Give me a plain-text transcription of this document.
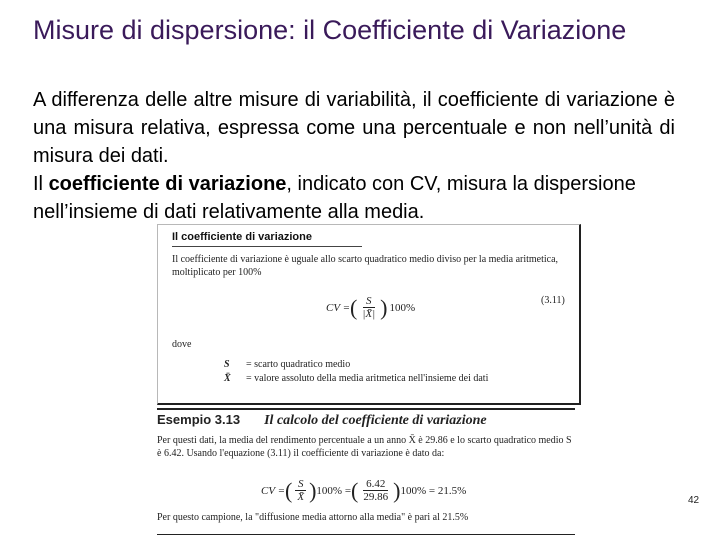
Misure di dispersione: il Coefficiente di Variazione

A differenza delle altre misure di variabilità, il coefficiente di variazione è una misura relativa, espressa come una percentuale e non nell’unità di misura dei dati.

Il coefficiente di variazione, indicato con CV, misura la dispersione nell’insieme di dati relativamente alla media.

Il coefficiente di variazione
Il coefficiente di variazione è uguale allo scarto quadratico medio diviso per la media aritmetica, moltiplicato per 100%
CV = ( $\frac{S}{|X̄|}$ ) 100%
(3.11)
dove
S = scarto quadratico medio
X̄ = valore assoluto della media aritmetica nell'insieme dei dati
Esempio 3.13 Il calcolo del coefficiente di variazione
Per questi dati, la media del rendimento percentuale a un anno X̄ è 29.86 e lo scarto quadratico medio S è 6.42. Usando l'equazione (3.11) il coefficiente di variazione è dato da:
CV = ( $\frac{S}{X̄}$ ) 100% = ( $\frac{6.42}{29.86}$ ) 100% = 21.5%
Per questo campione, la "diffusione media attorno alla media" è pari al 21.5%
42
